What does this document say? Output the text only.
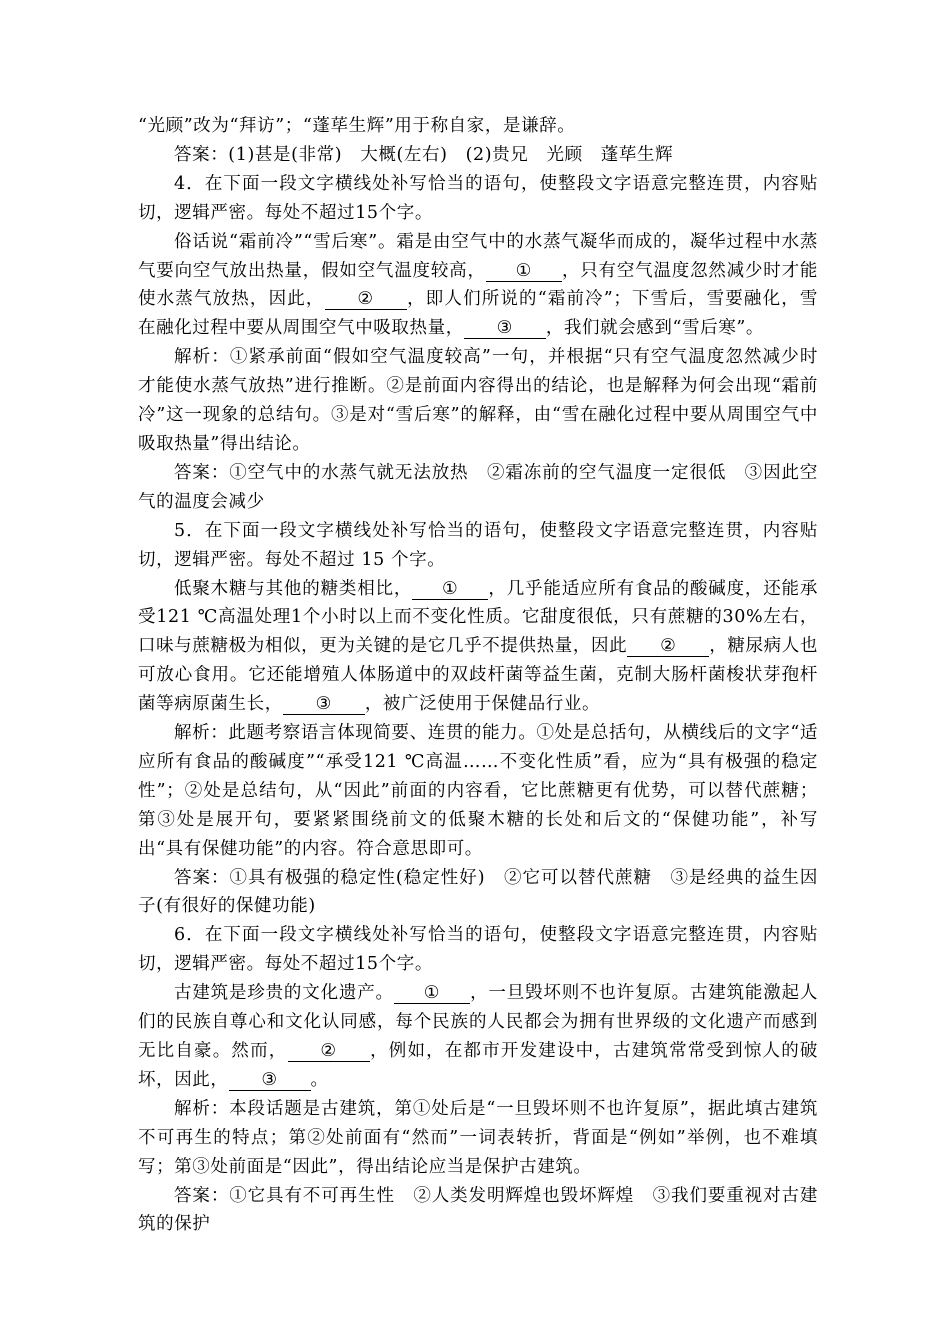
“光顾”改为“拜访”；“蓬荜生辉”用于称自家，是谦辞。

答案：(1)甚是(非常)　大概(左右)　(2)贵兄　光顾　蓬荜生辉

4．在下面一段文字横线处补写恰当的语句，使整段文字语意完整连贯，内容贴切，逻辑严密。每处不超过15个字。

俗话说“霜前冷”“雪后寒”。霜是由空气中的水蒸气凝华而成的，凝华过程中水蒸气要向空气放出热量，假如空气温度较高， ① ，只有空气温度忽然减少时才能使水蒸气放热，因此， ② ，即人们所说的“霜前冷”；下雪后，雪要融化，雪在融化过程中要从周围空气中吸取热量， ③ ，我们就会感到“雪后寒”。

解析：①紧承前面“假如空气温度较高”一句，并根据“只有空气温度忽然减少时才能使水蒸气放热”进行推断。②是前面内容得出的结论，也是解释为何会出现“霜前冷”这一现象的总结句。③是对“雪后寒”的解释，由“雪在融化过程中要从周围空气中吸取热量”得出结论。

答案：①空气中的水蒸气就无法放热　②霜冻前的空气温度一定很低　③因此空气的温度会减少

5．在下面一段文字横线处补写恰当的语句，使整段文字语意完整连贯，内容贴切，逻辑严密。每处不超过 15 个字。

低聚木糖与其他的糖类相比， ① ，几乎能适应所有食品的酸碱度，还能承受121 ℃高温处理1个小时以上而不变化性质。它甜度很低，只有蔗糖的30%左右，口味与蔗糖极为相似，更为关键的是它几乎不提供热量，因此 ② ，糖尿病人也可放心食用。它还能增殖人体肠道中的双歧杆菌等益生菌，克制大肠杆菌梭状芽孢杆菌等病原菌生长， ③ ，被广泛使用于保健品行业。

解析：此题考察语言体现简要、连贯的能力。①处是总括句，从横线后的文字“适应所有食品的酸碱度”“承受121 ℃高温……不变化性质”看，应为“具有极强的稳定性”；②处是总结句，从“因此”前面的内容看，它比蔗糖更有优势，可以替代蔗糖；第③处是展开句，要紧紧围绕前文的低聚木糖的长处和后文的“保健功能”，补写出“具有保健功能”的内容。符合意思即可。

答案：①具有极强的稳定性(稳定性好)　②它可以替代蔗糖　③是经典的益生因子(有很好的保健功能)

6．在下面一段文字横线处补写恰当的语句，使整段文字语意完整连贯，内容贴切，逻辑严密。每处不超过15个字。

古建筑是珍贵的文化遗产。 ① ，一旦毁坏则不也许复原。古建筑能激起人们的民族自尊心和文化认同感，每个民族的人民都会为拥有世界级的文化遗产而感到无比自豪。然而， ② ，例如，在都市开发建设中，古建筑常常受到惊人的破坏，因此， ③ 。

解析：本段话题是古建筑，第①处后是“一旦毁坏则不也许复原”，据此填古建筑不可再生的特点；第②处前面有“然而”一词表转折，背面是“例如”举例，也不难填写；第③处前面是“因此”，得出结论应当是保护古建筑。

答案：①它具有不可再生性　②人类发明辉煌也毁坏辉煌　③我们要重视对古建筑的保护
